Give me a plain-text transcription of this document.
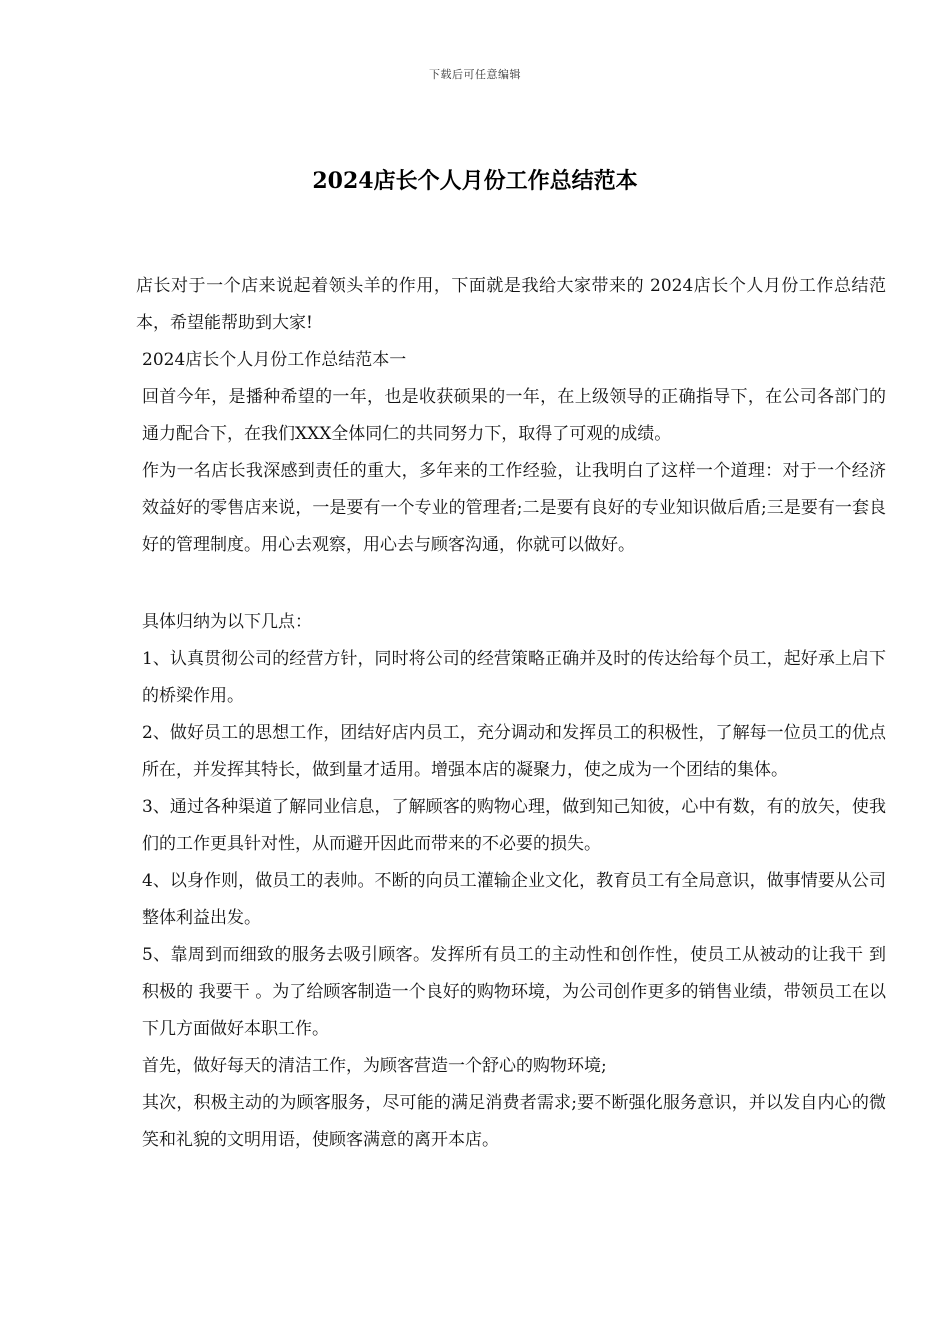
下载后可任意编辑
2024店长个人月份工作总结范本

店长对于一个店来说起着领头羊的作用，下面就是我给大家带来的 2024店长个人月份工作总结范本，希望能帮助到大家!

2024店长个人月份工作总结范本一

回首今年，是播种希望的一年，也是收获硕果的一年，在上级领导的正确指导下，在公司各部门的通力配合下，在我们XXX全体同仁的共同努力下，取得了可观的成绩。

作为一名店长我深感到责任的重大，多年来的工作经验，让我明白了这样一个道理：对于一个经济效益好的零售店来说，一是要有一个专业的管理者;二是要有良好的专业知识做后盾;三是要有一套良好的管理制度。用心去观察，用心去与顾客沟通，你就可以做好。

具体归纳为以下几点：

1、认真贯彻公司的经营方针，同时将公司的经营策略正确并及时的传达给每个员工，起好承上启下的桥梁作用。

2、做好员工的思想工作，团结好店内员工，充分调动和发挥员工的积极性，了解每一位员工的优点所在，并发挥其特长，做到量才适用。增强本店的凝聚力，使之成为一个团结的集体。

3、通过各种渠道了解同业信息，了解顾客的购物心理，做到知己知彼，心中有数，有的放矢，使我们的工作更具针对性，从而避开因此而带来的不必要的损失。

4、以身作则，做员工的表帅。不断的向员工灌输企业文化，教育员工有全局意识，做事情要从公司整体利益出发。

5、靠周到而细致的服务去吸引顾客。发挥所有员工的主动性和创作性，使员工从被动的让我干 到积极的 我要干 。为了给顾客制造一个良好的购物环境，为公司创作更多的销售业绩，带领员工在以下几方面做好本职工作。

首先，做好每天的清洁工作，为顾客营造一个舒心的购物环境;

其次，积极主动的为顾客服务，尽可能的满足消费者需求;要不断强化服务意识，并以发自内心的微笑和礼貌的文明用语，使顾客满意的离开本店。
